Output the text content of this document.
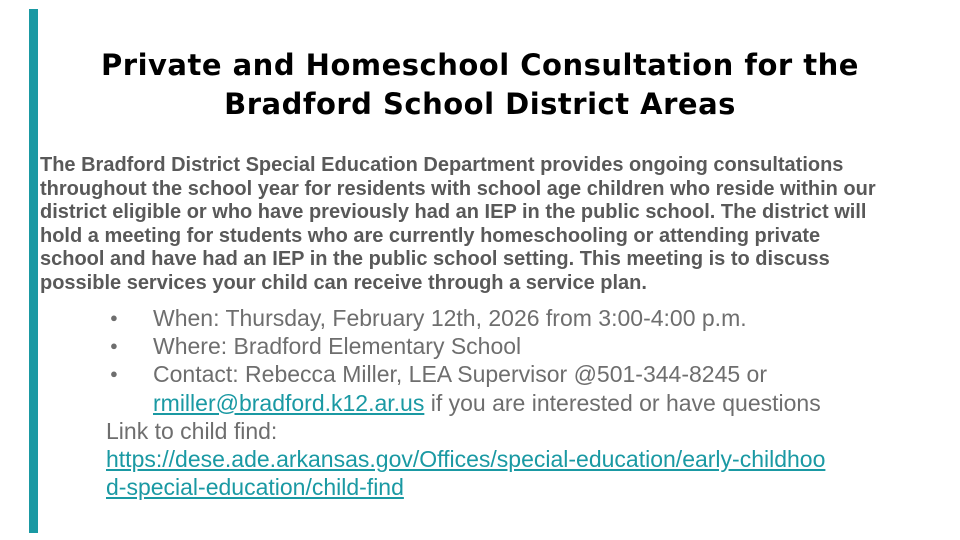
Private and Homeschool Consultation for the
Bradford School District Areas
The Bradford District Special Education Department provides ongoing consultations
throughout the school year for residents with school age children who reside within our
district eligible or who have previously had an IEP in the public school. The district will
hold a meeting for students who are currently homeschooling or attending private
school and have had an IEP in the public school setting. This meeting is to discuss
possible services your child can receive through a service plan.
● When: Thursday, February 12th, 2026 from 3:00-4:00 p.m.
● Where: Bradford Elementary School
● Contact: Rebecca Miller, LEA Supervisor @501-344-8245 or
rmiller@bradford.k12.ar.us if you are interested or have questions
Link to child find:
https://dese.ade.arkansas.gov/Offices/special-education/early-childhoo
d-special-education/child-find
